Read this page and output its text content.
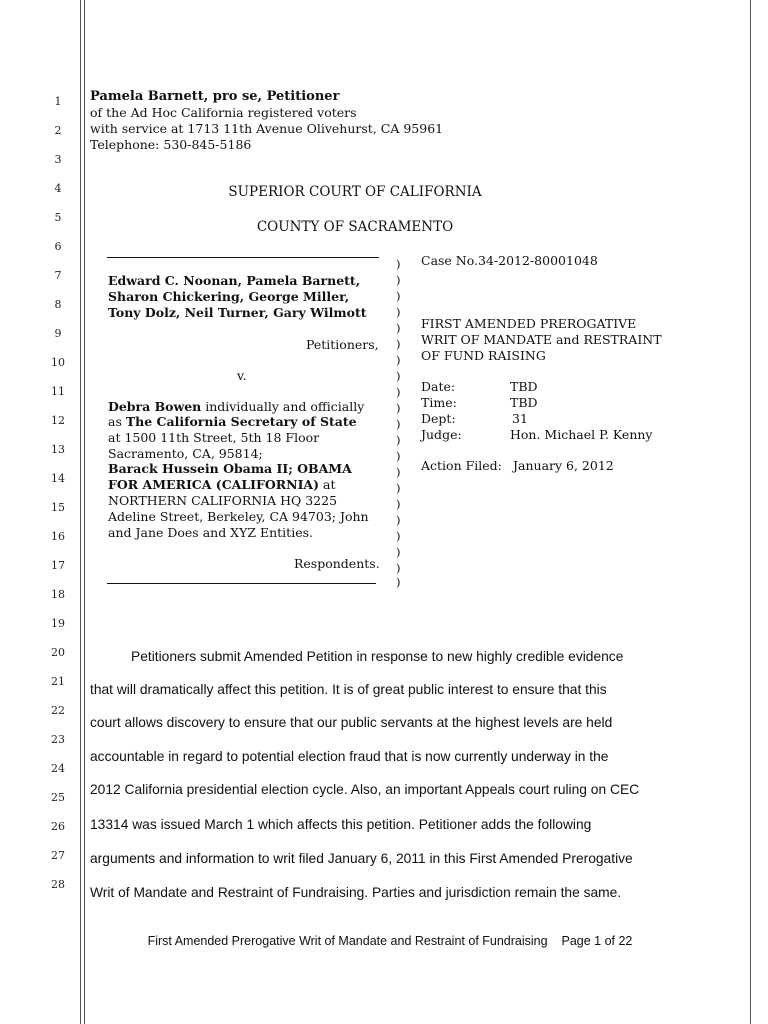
1
2
3
4
5
6
7
8
9
10
11
12
13
14
15
16
17
18
19
20
21
22
23
24
25
26
27
28
Pamela Barnett, pro se, Petitioner
of the Ad Hoc California registered voters
with service at 1713 11th Avenue Olivehurst, CA 95961
Telephone: 530-845-5186
SUPERIOR COURT OF CALIFORNIA
COUNTY OF SACRAMENTO
)
)
)
)
)
)
)
)
)
)
)
)
)
)
)
)
)
)
)
)
)
Edward C. Noonan, Pamela Barnett,
Sharon Chickering, George Miller,
Tony Dolz, Neil Turner, Gary Wilmott
Petitioners,
v.
Debra Bowen individually and officially
as The California Secretary of State
at 1500 11th Street, 5th 18 Floor
Sacramento, CA, 95814;
Barack Hussein Obama II; OBAMA
FOR AMERICA (CALIFORNIA) at
NORTHERN CALIFORNIA HQ 3225
Adeline Street, Berkeley, CA 94703; John
and Jane Does and XYZ Entities.
Respondents.
Case No.34-2012-80001048
FIRST AMENDED PREROGATIVE
WRIT OF MANDATE and RESTRAINT
OF FUND RAISING
Date:	TBD
Time:	TBD
Dept:	31
Judge:	Hon. Michael P. Kenny
Action Filed: January 6, 2012
Petitioners submit Amended Petition in response to new highly credible evidence
that will dramatically affect this petition. It is of great public interest to ensure that this
court allows discovery to ensure that our public servants at the highest levels are held
accountable in regard to potential election fraud that is now currently underway in the
2012 California presidential election cycle. Also, an important Appeals court ruling on CEC
13314 was issued March 1 which affects this petition. Petitioner adds the following
arguments and information to writ filed January 6, 2011 in this First Amended Prerogative
Writ of Mandate and Restraint of Fundraising. Parties and jurisdiction remain the same.
First Amended Prerogative Writ of Mandate and Restraint of Fundraising Page 1 of 22
